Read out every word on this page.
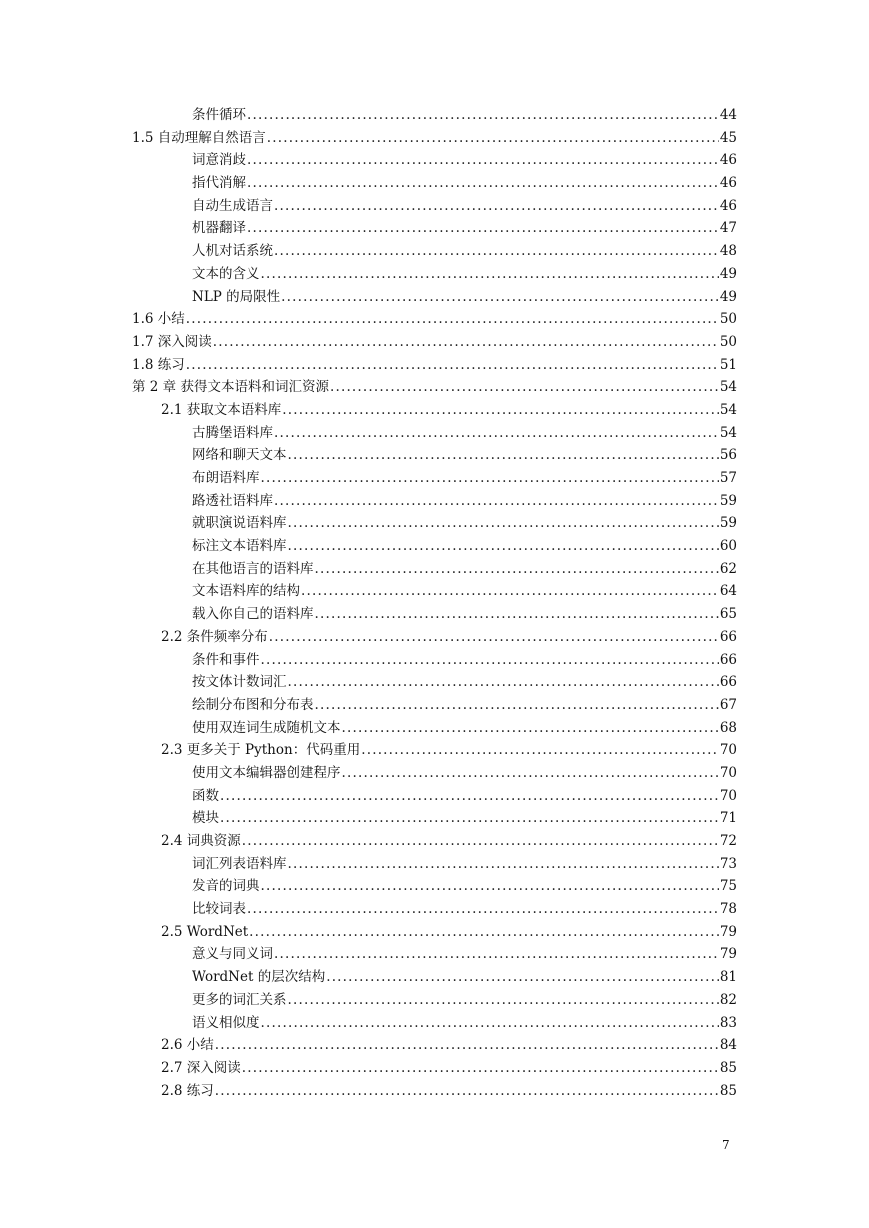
条件循环 .....	44
1.5 自动理解自然语言 .....	45
词意消歧 .....	46
指代消解 .....	46
自动生成语言 .....	46
机器翻译 .....	47
人机对话系统 .....	48
文本的含义 .....	49
NLP 的局限性 .....	49
1.6 小结 .....	50
1.7 深入阅读 .....	50
1.8 练习 .....	51
第 2 章 获得文本语料和词汇资源 .....	54
2.1 获取文本语料库 .....	54
古腾堡语料库 .....	54
网络和聊天文本 .....	56
布朗语料库 .....	57
路透社语料库 .....	59
就职演说语料库 .....	59
标注文本语料库 .....	60
在其他语言的语料库 .....	62
文本语料库的结构 .....	64
载入你自己的语料库 .....	65
2.2 条件频率分布 .....	66
条件和事件 .....	66
按文体计数词汇 .....	66
绘制分布图和分布表 .....	67
使用双连词生成随机文本 .....	68
2.3 更多关于 Python：代码重用 .....	70
使用文本编辑器创建程序 .....	70
函数 .....	70
模块 .....	71
2.4 词典资源 .....	72
词汇列表语料库 .....	73
发音的词典 .....	75
比较词表 .....	78
2.5 WordNet .....	79
意义与同义词 .....	79
WordNet 的层次结构 .....	81
更多的词汇关系 .....	82
语义相似度 .....	83
2.6 小结 .....	84
2.7 深入阅读 .....	85
2.8 练习 .....	85
7
